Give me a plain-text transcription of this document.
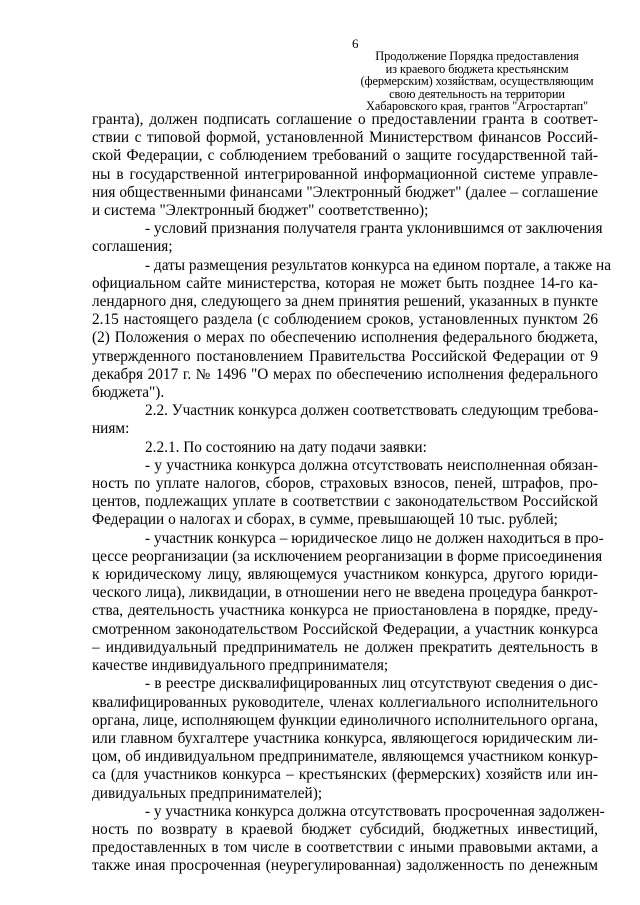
6
Продолжение Порядка предоставления
из краевого бюджета крестьянским
(фермерским) хозяйствам, осуществляющим
свою деятельность на территории
Хабаровского края, грантов "Агростартап"
гранта), должен подписать соглашение о предоставлении гранта в соответ-
ствии с типовой формой, установленной Министерством финансов Россий-
ской Федерации, с соблюдением требований о защите государственной тай-
ны в государственной интегрированной информационной системе управле-
ния общественными финансами "Электронный бюджет" (далее – соглашение
и система "Электронный бюджет" соответственно);
- условий признания получателя гранта уклонившимся от заключения
соглашения;
- даты размещения результатов конкурса на едином портале, а также на
официальном сайте министерства, которая не может быть позднее 14-го ка-
лендарного дня, следующего за днем принятия решений, указанных в пункте
2.15 настоящего раздела (с соблюдением сроков, установленных пунктом 26
(2) Положения о мерах по обеспечению исполнения федерального бюджета,
утвержденного постановлением Правительства Российской Федерации от 9
декабря 2017 г. № 1496 "О мерах по обеспечению исполнения федерального
бюджета").
2.2. Участник конкурса должен соответствовать следующим требова-
ниям:
2.2.1. По состоянию на дату подачи заявки:
- у участника конкурса должна отсутствовать неисполненная обязан-
ность по уплате налогов, сборов, страховых взносов, пеней, штрафов, про-
центов, подлежащих уплате в соответствии с законодательством Российской
Федерации о налогах и сборах, в сумме, превышающей 10 тыс. рублей;
- участник конкурса – юридическое лицо не должен находиться в про-
цессе реорганизации (за исключением реорганизации в форме присоединения
к юридическому лицу, являющемуся участником конкурса, другого юриди-
ческого лица), ликвидации, в отношении него не введена процедура банкрот-
ства, деятельность участника конкурса не приостановлена в порядке, преду-
смотренном законодательством Российской Федерации, а участник конкурса
– индивидуальный предприниматель не должен прекратить деятельность в
качестве индивидуального предпринимателя;
- в реестре дисквалифицированных лиц отсутствуют сведения о дис-
квалифицированных руководителе, членах коллегиального исполнительного
органа, лице, исполняющем функции единоличного исполнительного органа,
или главном бухгалтере участника конкурса, являющегося юридическим ли-
цом, об индивидуальном предпринимателе, являющемся участником конкур-
са (для участников конкурса – крестьянских (фермерских) хозяйств или ин-
дивидуальных предпринимателей);
- у участника конкурса должна отсутствовать просроченная задолжен-
ность по возврату в краевой бюджет субсидий, бюджетных инвестиций,
предоставленных в том числе в соответствии с иными правовыми актами, а
также иная просроченная (неурегулированная) задолженность по денежным
